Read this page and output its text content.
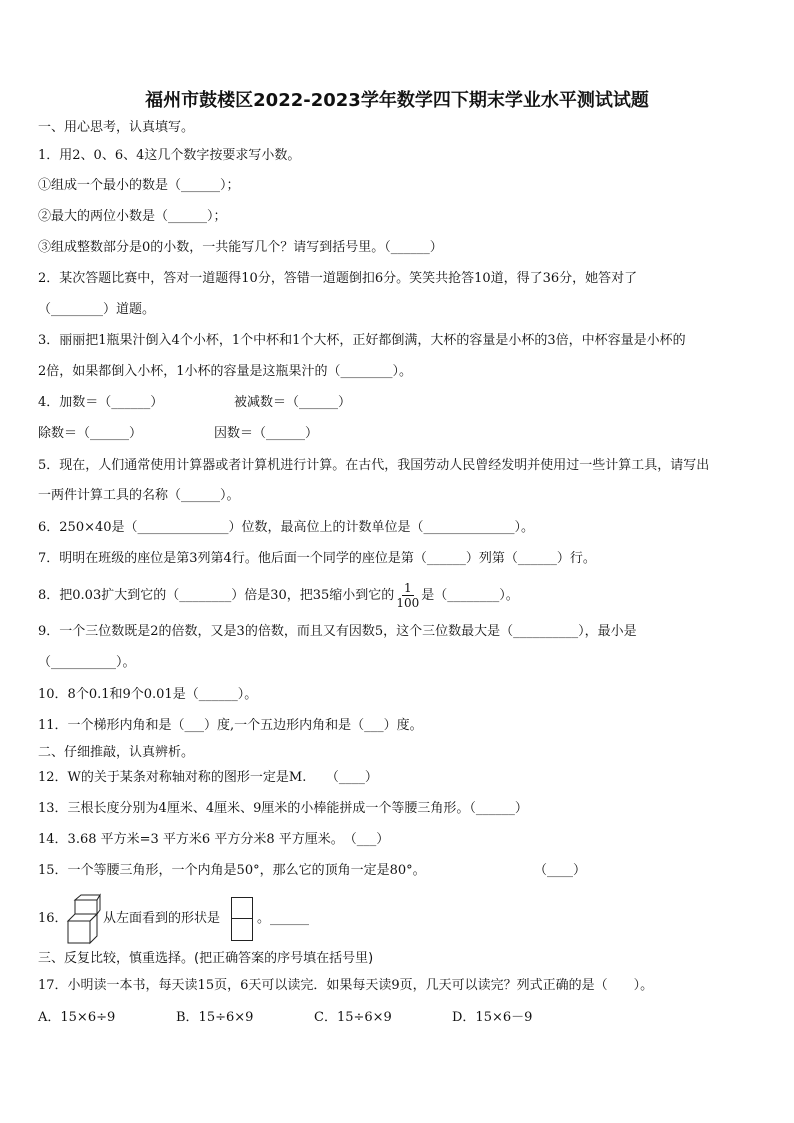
福州市鼓楼区2022-2023学年数学四下期末学业水平测试试题
一、用心思考，认真填写。
1．用2、0、6、4这几个数字按要求写小数。
①组成一个最小的数是（______）；
②最大的两位小数是（______）；
③组成整数部分是0的小数，一共能写几个？请写到括号里。（______）
2．某次答题比赛中，答对一道题得10分，答错一道题倒扣6分。笑笑共抢答10道，得了36分，她答对了
（________）道题。
3．丽丽把1瓶果汁倒入4个小杯，1个中杯和1个大杯，正好都倒满，大杯的容量是小杯的3倍，中杯容量是小杯的
2倍，如果都倒入小杯，1小杯的容量是这瓶果汁的（________）。
4．加数＝（______）	被减数＝（______）
除数＝（______）	因数＝（______）
5．现在，人们通常使用计算器或者计算机进行计算。在古代，我国劳动人民曾经发明并使用过一些计算工具，请写出
一两件计算工具的名称（______）。
6．250×40是（______________）位数，最高位上的计数单位是（______________）。
7．明明在班级的座位是第3列第4行。他后面一个同学的座位是第（______）列第（______）行。
8．把0.03扩大到它的（________）倍是30，把35缩小到它的 $\frac{1}{100}$ 是（________）。
9．一个三位数既是2的倍数，又是3的倍数，而且又有因数5，这个三位数最大是（__________），最小是
（__________）。
10．8个0.1和9个0.01是（______）。
11．一个梯形内角和是（___）度,一个五边形内角和是（___）度。
二、仔细推敲，认真辨析。
12．W的关于某条对称轴对称的图形一定是M.　　（____）
13．三根长度分别为4厘米、4厘米、9厘米的小棒能拼成一个等腰三角形。（______）
14．3.68 平方米=3 平方米6 平方分米8 平方厘米。　（___）
15．一个等腰三角形，一个内角是50°，那么它的顶角一定是80°。	（____）
16．	从左面看到的形状是	。______
三、反复比较，慎重选择。(把正确答案的序号填在括号里)
17．小明读一本书，每天读15页，6天可以读完．如果每天读9页，几天可以读完？列式正确的是（　　）。
A．15×6÷9	B．15÷6×9	C．15÷6×9	D．15×6－9
